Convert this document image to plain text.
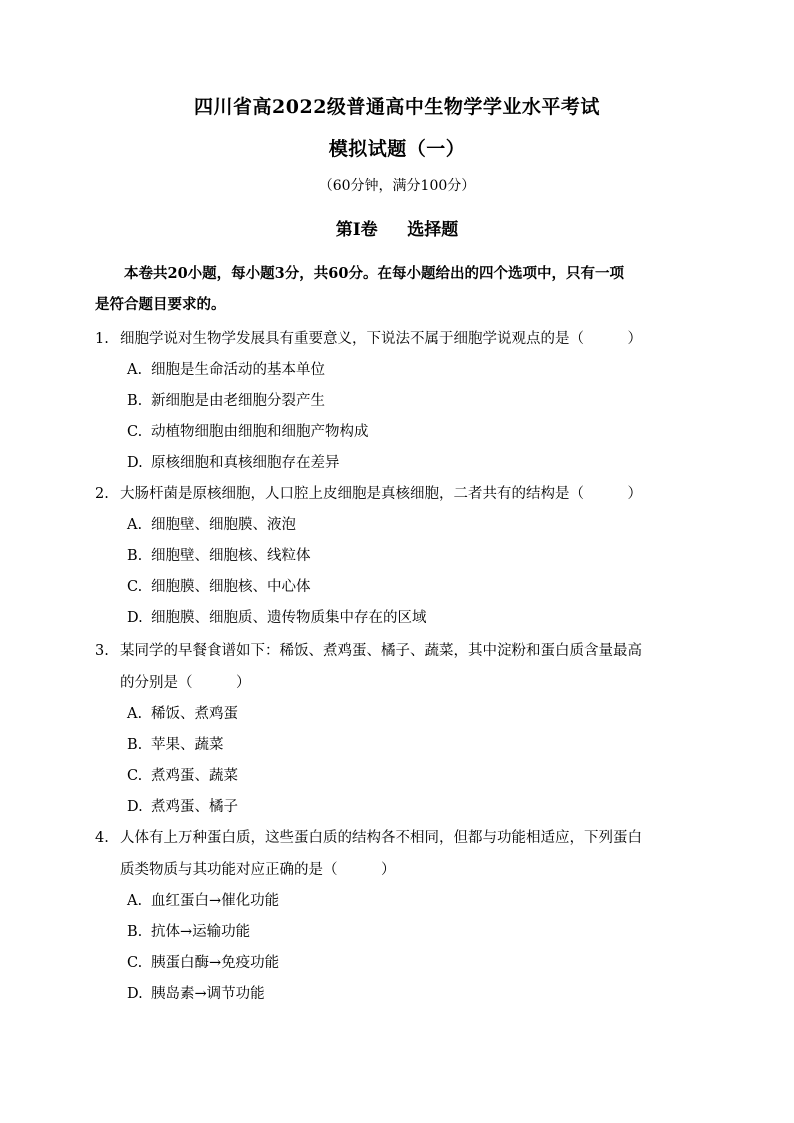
四川省高2022级普通高中生物学学业水平考试
模拟试题（一）
（60分钟，满分100分）
第Ⅰ卷     选择题
本卷共20小题，每小题3分，共60分。在每小题给出的四个选项中，只有一项
是符合题目要求的。
1. 细胞学说对生物学发展具有重要意义，下说法不属于细胞学说观点的是（　　　）
A. 细胞是生命活动的基本单位
B. 新细胞是由老细胞分裂产生
C. 动植物细胞由细胞和细胞产物构成
D. 原核细胞和真核细胞存在差异
2. 大肠杆菌是原核细胞，人口腔上皮细胞是真核细胞，二者共有的结构是（　　　）
A. 细胞壁、细胞膜、液泡
B. 细胞壁、细胞核、线粒体
C. 细胞膜、细胞核、中心体
D. 细胞膜、细胞质、遗传物质集中存在的区域
3. 某同学的早餐食谱如下：稀饭、煮鸡蛋、橘子、蔬菜，其中淀粉和蛋白质含量最高
的分别是（　　　）
A. 稀饭、煮鸡蛋
B. 苹果、蔬菜
C. 煮鸡蛋、蔬菜
D. 煮鸡蛋、橘子
4. 人体有上万种蛋白质，这些蛋白质的结构各不相同，但都与功能相适应，下列蛋白
质类物质与其功能对应正确的是（　　　）
A. 血红蛋白→催化功能
B. 抗体→运输功能
C. 胰蛋白酶→免疫功能
D. 胰岛素→调节功能
